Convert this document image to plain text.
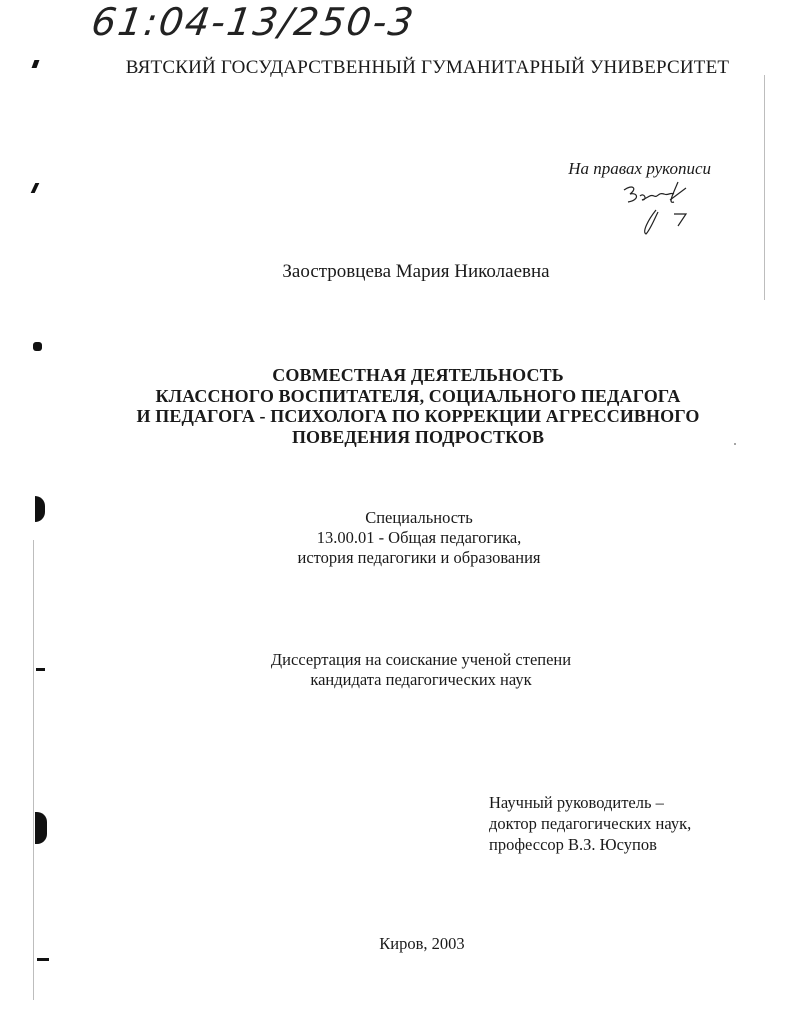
61:04-13/250-3
ВЯТСКИЙ ГОСУДАРСТВЕННЫЙ ГУМАНИТАРНЫЙ УНИВЕРСИТЕТ
На правах рукописи
Заостровцева Мария Николаевна
СОВМЕСТНАЯ ДЕЯТЕЛЬНОСТЬ
КЛАССНОГО ВОСПИТАТЕЛЯ, СОЦИАЛЬНОГО ПЕДАГОГА
И ПЕДАГОГА - ПСИХОЛОГА ПО КОРРЕКЦИИ АГРЕССИВНОГО
ПОВЕДЕНИЯ ПОДРОСТКОВ
Специальность
13.00.01 - Общая педагогика,
история педагогики и образования
Диссертация на соискание ученой степени
кандидата педагогических наук
Научный руководитель –
доктор педагогических наук,
профессор В.З. Юсупов
Киров, 2003
